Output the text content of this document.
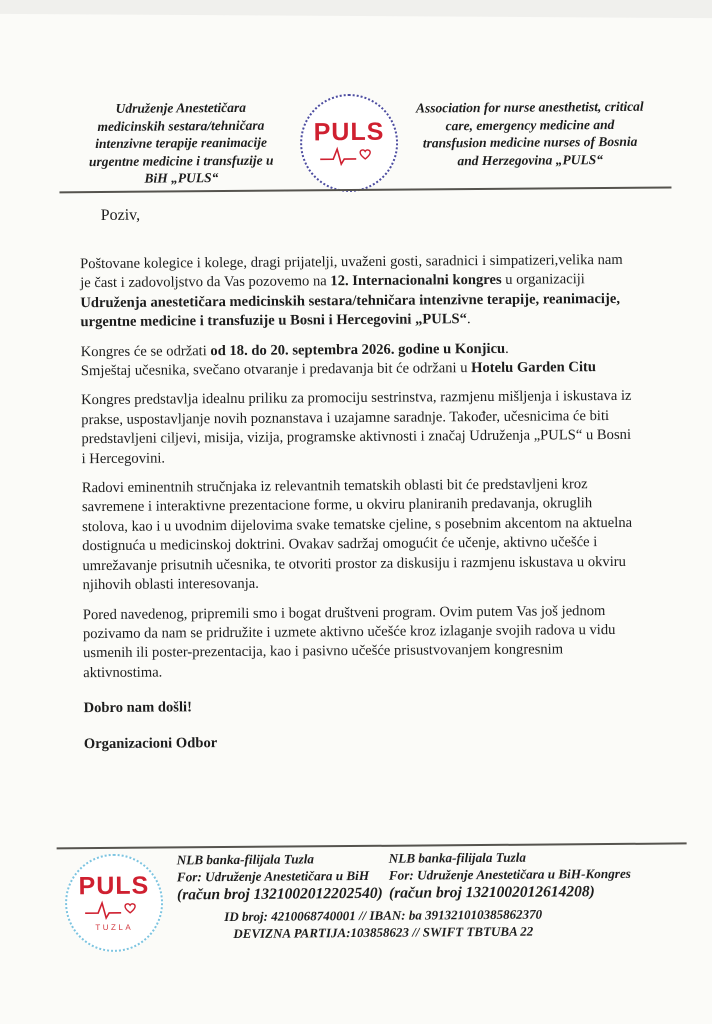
Udruženje Anestetičara medicinskih sestara/tehničara intenzivne terapije reanimacije urgentne medicine i transfuzije u BiH „PULS“
PULS
Association for nurse anesthetist, critical care, emergency medicine and transfusion medicine nurses of Bosnia and Herzegovina „PULS“
Poziv,

Poštovane kolegice i kolege, dragi prijatelji, uvaženi gosti, saradnici i simpatizeri,velika nam je čast i zadovoljstvo da Vas pozovemo na 12. Internacionalni kongres u organizaciji Udruženja anestetičara medicinskih sestara/tehničara intenzivne terapije, reanimacije, urgentne medicine i transfuzije u Bosni i Hercegovini „PULS“.

Kongres će se održati od 18. do 20. septembra 2026. godine u Konjicu.
Smještaj učesnika, svečano otvaranje i predavanja bit će održani u Hotelu Garden Citu

Kongres predstavlja idealnu priliku za promociju sestrinstva, razmjenu mišljenja i iskustava iz prakse, uspostavljanje novih poznanstava i uzajamne saradnje. Također, učesnicima će biti predstavljeni ciljevi, misija, vizija, programske aktivnosti i značaj Udruženja „PULS“ u Bosni i Hercegovini.

Radovi eminentnih stručnjaka iz relevantnih tematskih oblasti bit će predstavljeni kroz savremene i interaktivne prezentacione forme, u okviru planiranih predavanja, okruglih stolova, kao i u uvodnim dijelovima svake tematske cjeline, s posebnim akcentom na aktuelna dostignuća u medicinskoj doktrini. Ovakav sadržaj omogućit će učenje, aktivno učešće i umrežavanje prisutnih učesnika, te otvoriti prostor za diskusiju i razmjenu iskustava u okviru njihovih oblasti interesovanja.

Pored navedenog, pripremili smo i bogat društveni program. Ovim putem Vas još jednom pozivamo da nam se pridružite i uzmete aktivno učešće kroz izlaganje svojih radova u vidu usmenih ili poster-prezentacija, kao i pasivno učešće prisustvovanjem kongresnim aktivnostima.

Dobro nam došli!
Organizacioni Odbor
PULS
TUZLA
NLB banka-filijala Tuzla
For: Udruženje Anestetičara u BiH
(račun broj 1321002012202540)
NLB banka-filijala Tuzla
For: Udruženje Anestetičara u BiH-Kongres
(račun broj 1321002012614208)
ID broj: 4210068740001 // IBAN: ba 391321010385862370
DEVIZNA PARTIJA:103858623 // SWIFT TBTUBA 22
